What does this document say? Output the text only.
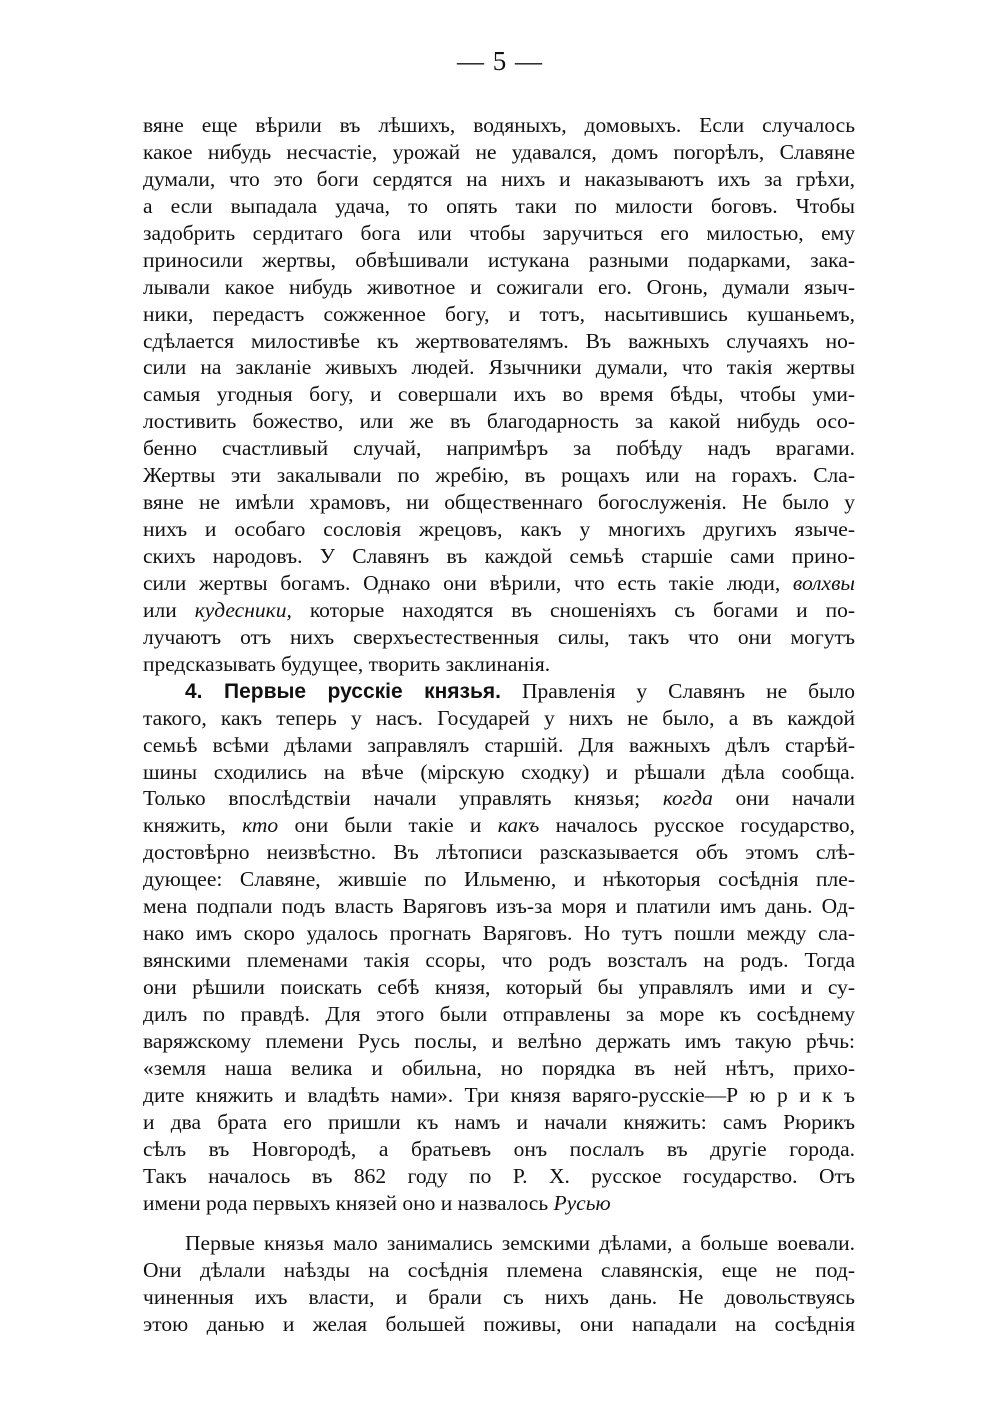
— 5 —
вяне еще вѣрили въ лѣшихъ, водяныхъ, домовыхъ. Если случалось
какое нибудь несчастіе, урожай не удавался, домъ погорѣлъ, Славяне
думали, что это боги сердятся на нихъ и наказываютъ ихъ за грѣхи,
а если выпадала удача, то опять таки по милости боговъ. Чтобы
задобрить сердитаго бога или чтобы заручиться его милостью, ему
приносили жертвы, обвѣшивали истукана разными подарками, зака-
лывали какое нибудь животное и сожигали его. Огонь, думали языч-
ники, передастъ сожженное богу, и тотъ, насытившись кушаньемъ,
сдѣлается милостивѣе къ жертвователямъ. Въ важныхъ случаяхъ но-
сили на закланіе живыхъ людей. Язычники думали, что такія жертвы
самыя угодныя богу, и совершали ихъ во время бѣды, чтобы уми-
лостивить божество, или же въ благодарность за какой нибудь осо-
бенно счастливый случай, напримѣръ за побѣду надъ врагами.
Жертвы эти закалывали по жребію, въ рощахъ или на горахъ. Сла-
вяне не имѣли храмовъ, ни общественнаго богослуженія. Не было у
нихъ и особаго сословія жрецовъ, какъ у многихъ другихъ языче-
скихъ народовъ. У Славянъ въ каждой семьѣ старшіе сами прино-
сили жертвы богамъ. Однако они вѣрили, что есть такіе люди, волхвы
или кудесники, которые находятся въ сношеніяхъ съ богами и по-
лучаютъ отъ нихъ сверхъестественныя силы, такъ что они могутъ
предсказывать будущее, творить заклинанія.
4. Первые русскіе князья. Правленія у Славянъ не было
такого, какъ теперь у насъ. Государей у нихъ не было, а въ каждой
семьѣ всѣми дѣлами заправлялъ старшій. Для важныхъ дѣлъ старѣй-
шины сходились на вѣче (мірскую сходку) и рѣшали дѣла сообща.
Только впослѣдствіи начали управлять князья; когда они начали
княжить, кто они были такіе и какъ началось русское государство,
достовѣрно неизвѣстно. Въ лѣтописи разсказывается объ этомъ слѣ-
дующее: Славяне, жившіе по Ильменю, и нѣкоторыя сосѣднія пле-
мена подпали подъ власть Варяговъ изъ-за моря и платили имъ дань. Од-
нако имъ скоро удалось прогнать Варяговъ. Но тутъ пошли между сла-
вянскими племенами такія ссоры, что родъ возсталъ на родъ. Тогда
они рѣшили поискать себѣ князя, который бы управлялъ ими и су-
дилъ по правдѣ. Для этого были отправлены за море къ сосѣднему
варяжскому племени Русь послы, и велѣно держать имъ такую рѣчь:
«земля наша велика и обильна, но порядка въ ней нѣтъ, прихо-
дите княжить и владѣть нами». Три князя варяго-русскіе—Р ю р и к ъ
и два брата его пришли къ намъ и начали княжить: самъ Рюрикъ
сѣлъ въ Новгородѣ, а братьевъ онъ послалъ въ другіе города.
Такъ началось въ 862 году по Р. Х. русское государство. Отъ
имени рода первыхъ князей оно и назвалось Русью
Первые князья мало занимались земскими дѣлами, а больше воевали.
Они дѣлали наѣзды на сосѣднія племена славянскія, еще не под-
чиненныя ихъ власти, и брали съ нихъ дань. Не довольствуясь
этою данью и желая большей поживы, они нападали на сосѣднія
